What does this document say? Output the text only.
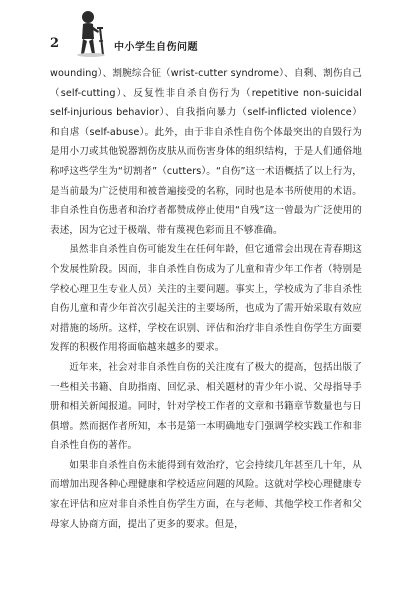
2	中小学生自伤问题

wounding）、割腕综合征（wrist-cutter syndrome）、自剩、割伤自己（self-cutting）、反复性非自杀自伤行为（repetitive non-suicidal self-injurious behavior）、自我指向暴力（self-inflicted violence）和自虐（self-abuse）。此外，由于非自杀性自伤个体最突出的自毁行为是用小刀或其他锐器割伤皮肤从而伤害身体的组织结构，于是人们通俗地称呼这些学生为“切割者”（cutters）。“自伤”这一术语概括了以上行为，是当前最为广泛使用和被普遍接受的名称，同时也是本书所使用的术语。非自杀性自伤患者和治疗者都赞成停止使用“自残”这一曾最为广泛使用的表述，因为它过于极端、带有蔑视色彩而且不够准确。

虽然非自杀性自伤可能发生在任何年龄，但它通常会出现在青春期这个发展性阶段。因而，非自杀性自伤成为了儿童和青少年工作者（特别是学校心理卫生专业人员）关注的主要问题。事实上，学校成为了非自杀性自伤儿童和青少年首次引起关注的主要场所，也成为了需开始采取有效应对措施的场所。这样，学校在识别、评估和治疗非自杀性自伤学生方面要发挥的积极作用将面临越来越多的要求。

近年来，社会对非自杀性自伤的关注度有了极大的提高，包括出版了一些相关书籍、自助指南、回忆录、相关题材的青少年小说、父母指导手册和相关新闻报道。同时，针对学校工作者的文章和书籍章节数量也与日俱增。然而据作者所知，本书是第一本明确地专门强调学校实践工作和非自杀性自伤的著作。

如果非自杀性自伤未能得到有效治疗，它会持续几年甚至几十年，从而增加出现各种心理健康和学校适应问题的风险。这就对学校心理健康专家在评估和应对非自杀性自伤学生方面，在与老师、其他学校工作者和父母家人协商方面，提出了更多的要求。但是，
